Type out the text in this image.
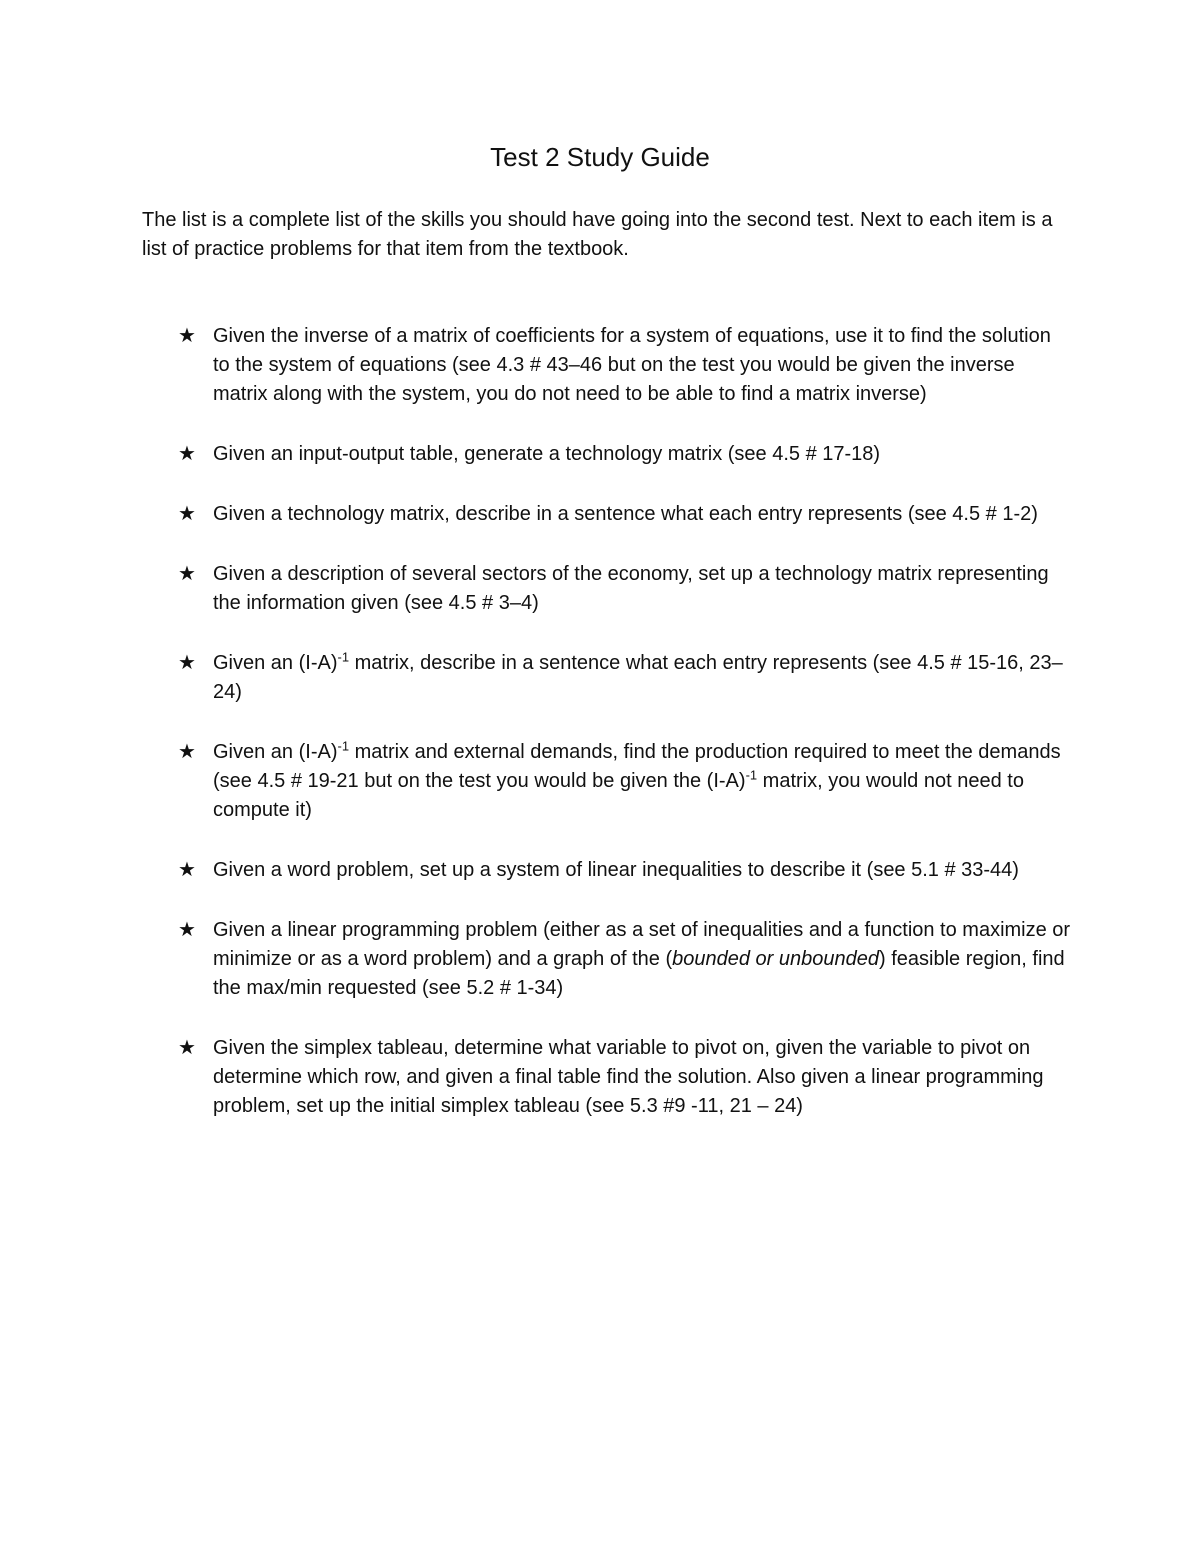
Test 2 Study Guide

The list is a complete list of the skills you should have going into the second test. Next to each item is a list of practice problems for that item from the textbook.

★ Given the inverse of a matrix of coefficients for a system of equations, use it to find the solution to the system of equations (see 4.3 # 43–46 but on the test you would be given the inverse matrix along with the system, you do not need to be able to find a matrix inverse)
★ Given an input-output table, generate a technology matrix (see 4.5 # 17-18)
★ Given a technology matrix, describe in a sentence what each entry represents (see 4.5 # 1-2)
★ Given a description of several sectors of the economy, set up a technology matrix representing the information given (see 4.5 # 3–4)
★ Given an $(I-A)^{-1}$ matrix, describe in a sentence what each entry represents (see 4.5 # 15-16, 23–24)
★ Given an $(I-A)^{-1}$ matrix and external demands, find the production required to meet the demands (see 4.5 # 19-21 but on the test you would be given the $(I-A)^{-1}$ matrix, you would not need to compute it)
★ Given a word problem, set up a system of linear inequalities to describe it (see 5.1 # 33-44)
★ Given a linear programming problem (either as a set of inequalities and a function to maximize or minimize or as a word problem) and a graph of the (bounded or unbounded) feasible region, find the max/min requested (see 5.2 # 1-34)
★ Given the simplex tableau, determine what variable to pivot on, given the variable to pivot on determine which row, and given a final table find the solution. Also given a linear programming problem, set up the initial simplex tableau (see 5.3 #9 -11, 21 – 24)
